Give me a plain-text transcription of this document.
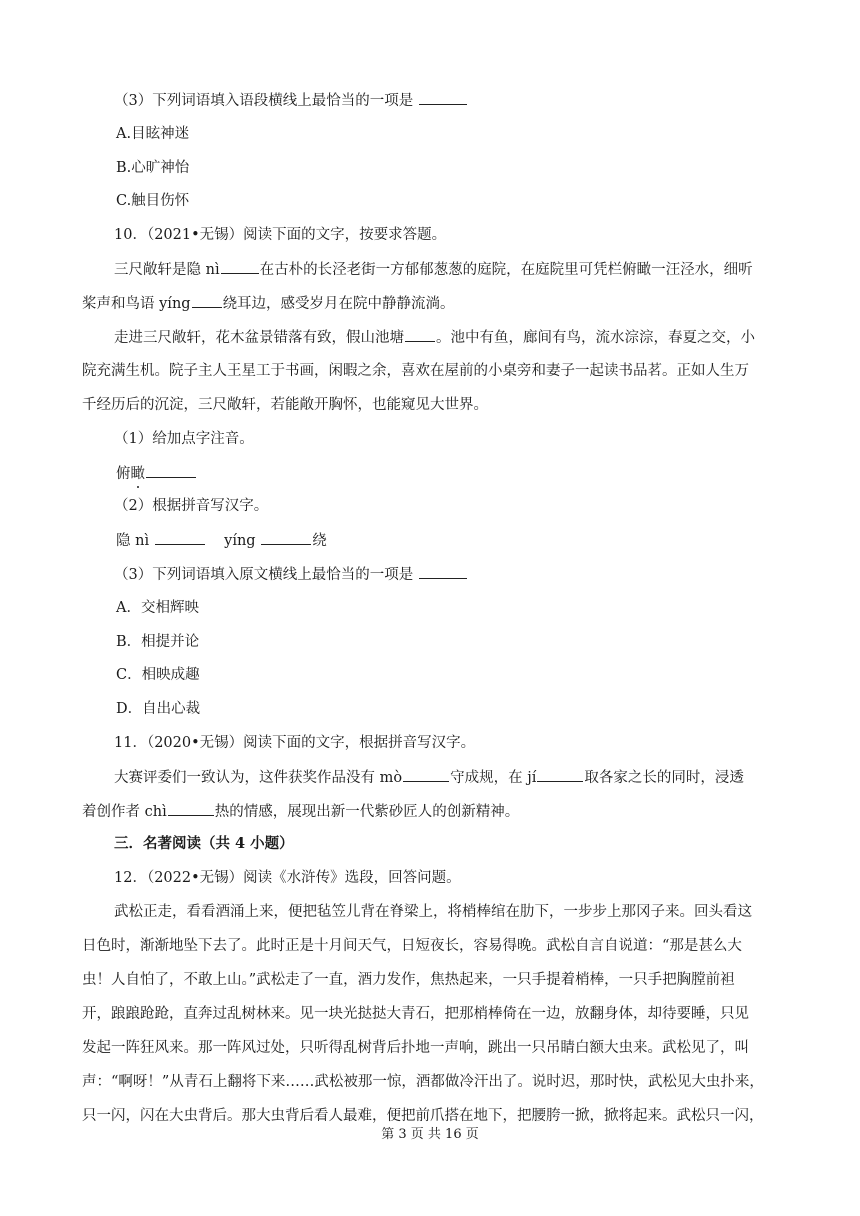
（3）下列词语填入语段横线上最恰当的一项是

A.目眩神迷

B.心旷神怡

C.触目伤怀

10．（2021•无锡）阅读下面的文字，按要求答题。

三尺敞轩是隐 nì	在古朴的长泾老街一方郁郁葱葱的庭院，在庭院里可凭栏俯瞰一汪泾水，细听

桨声和鸟语 yíng 绕耳边，感受岁月在院中静静流淌。

走进三尺敞轩，花木盆景错落有致，假山池塘 。池中有鱼，廊间有鸟，流水淙淙，春夏之交，小

院充满生机。院子主人王星工于书画，闲暇之余，喜欢在屋前的小桌旁和妻子一起读书品茗。正如人生万

千经历后的沉淀，三尺敞轩，若能敞开胸怀，也能窥见大世界。

（1）给加点字注音。

俯瞰

（2）根据拼音写汉字。

隐 nì	yíng	绕

（3）下列词语填入原文横线上最恰当的一项是

A．交相辉映

B．相提并论

C．相映成趣

D．自出心裁

11．（2020•无锡）阅读下面的文字，根据拼音写汉字。

大赛评委们一致认为，这件获奖作品没有 mò	守成规，在 jí	取各家之长的同时，浸透

着创作者 chì	热的情感，展现出新一代紫砂匠人的创新精神。

三．名著阅读（共 4 小题）

12．（2022•无锡）阅读《水浒传》选段，回答问题。

武松正走，看看酒涌上来，便把毡笠儿背在脊梁上，将梢棒绾在肋下，一步步上那冈子来。回头看这

日色时，渐渐地坠下去了。此时正是十月间天气，日短夜长，容易得晚。武松自言自说道：“那是甚么大

虫！人自怕了，不敢上山。”武松走了一直，酒力发作，焦热起来，一只手提着梢棒，一只手把胸膛前袒

开，踉踉跄跄，直奔过乱树林来。见一块光挞挞大青石，把那梢棒倚在一边，放翻身体，却待要睡，只见

发起一阵狂风来。那一阵风过处，只听得乱树背后扑地一声响，跳出一只吊睛白额大虫来。武松见了，叫

声：“啊呀！”从青石上翻将下来……武松被那一惊，酒都做冷汗出了。说时迟，那时快，武松见大虫扑来，

只一闪，闪在大虫背后。那大虫背后看人最难，便把前爪搭在地下，把腰胯一掀，掀将起来。武松只一闪，

第 3 页 共 16 页
